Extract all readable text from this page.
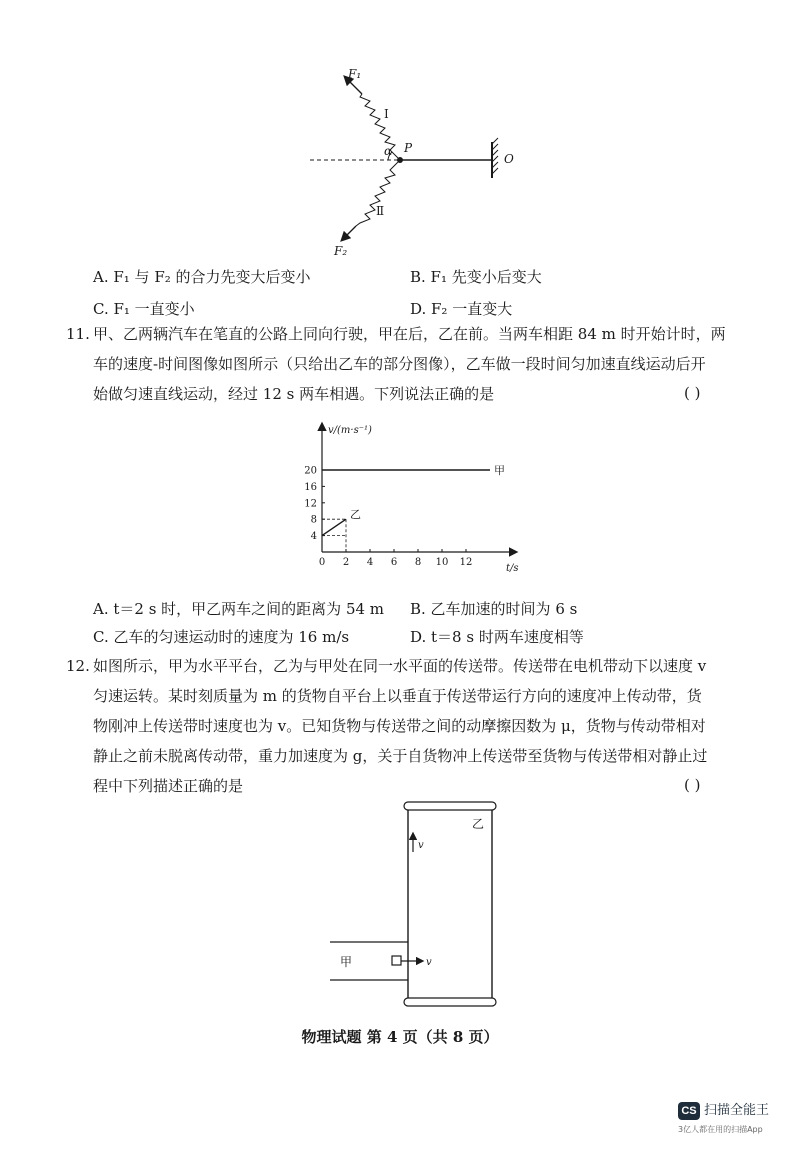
F₁
F₂
Ⅰ
Ⅱ
α P
O
A. F₁ 与 F₂ 的合力先变大后变小	B. F₁ 先变小后变大
C. F₁ 一直变小	D. F₂ 一直变大
11. 甲、乙两辆汽车在笔直的公路上同向行驶，甲在后，乙在前。当两车相距 84 m 时开始计时，两
车的速度-时间图像如图所示（只给出乙车的部分图像），乙车做一段时间匀加速直线运动后开
始做匀速直线运动，经过 12 s 两车相遇。下列说法正确的是	( )
v/(m·s⁻¹)
t/s
0 2 4 6 8 10 12
4
8
12
16
20	甲
乙
A. t＝2 s 时，甲乙两车之间的距离为 54 m B. 乙车加速的时间为 6 s
C. 乙车的匀速运动时的速度为 16 m/s	D. t＝8 s 时两车速度相等
12. 如图所示，甲为水平平台，乙为与甲处在同一水平面的传送带。传送带在电机带动下以速度 v
匀速运转。某时刻质量为 m 的货物自平台上以垂直于传送带运行方向的速度冲上传动带，货
物刚冲上传送带时速度也为 v。已知货物与传送带之间的动摩擦因数为 μ，货物与传动带相对
静止之前未脱离传动带，重力加速度为 g，关于自货物冲上传送带至货物与传送带相对静止过
程中下列描述正确的是	( )
v
乙
v
甲
物理试题 第 4 页（共 8 页）
CS 扫描全能王
3亿人都在用的扫描App
